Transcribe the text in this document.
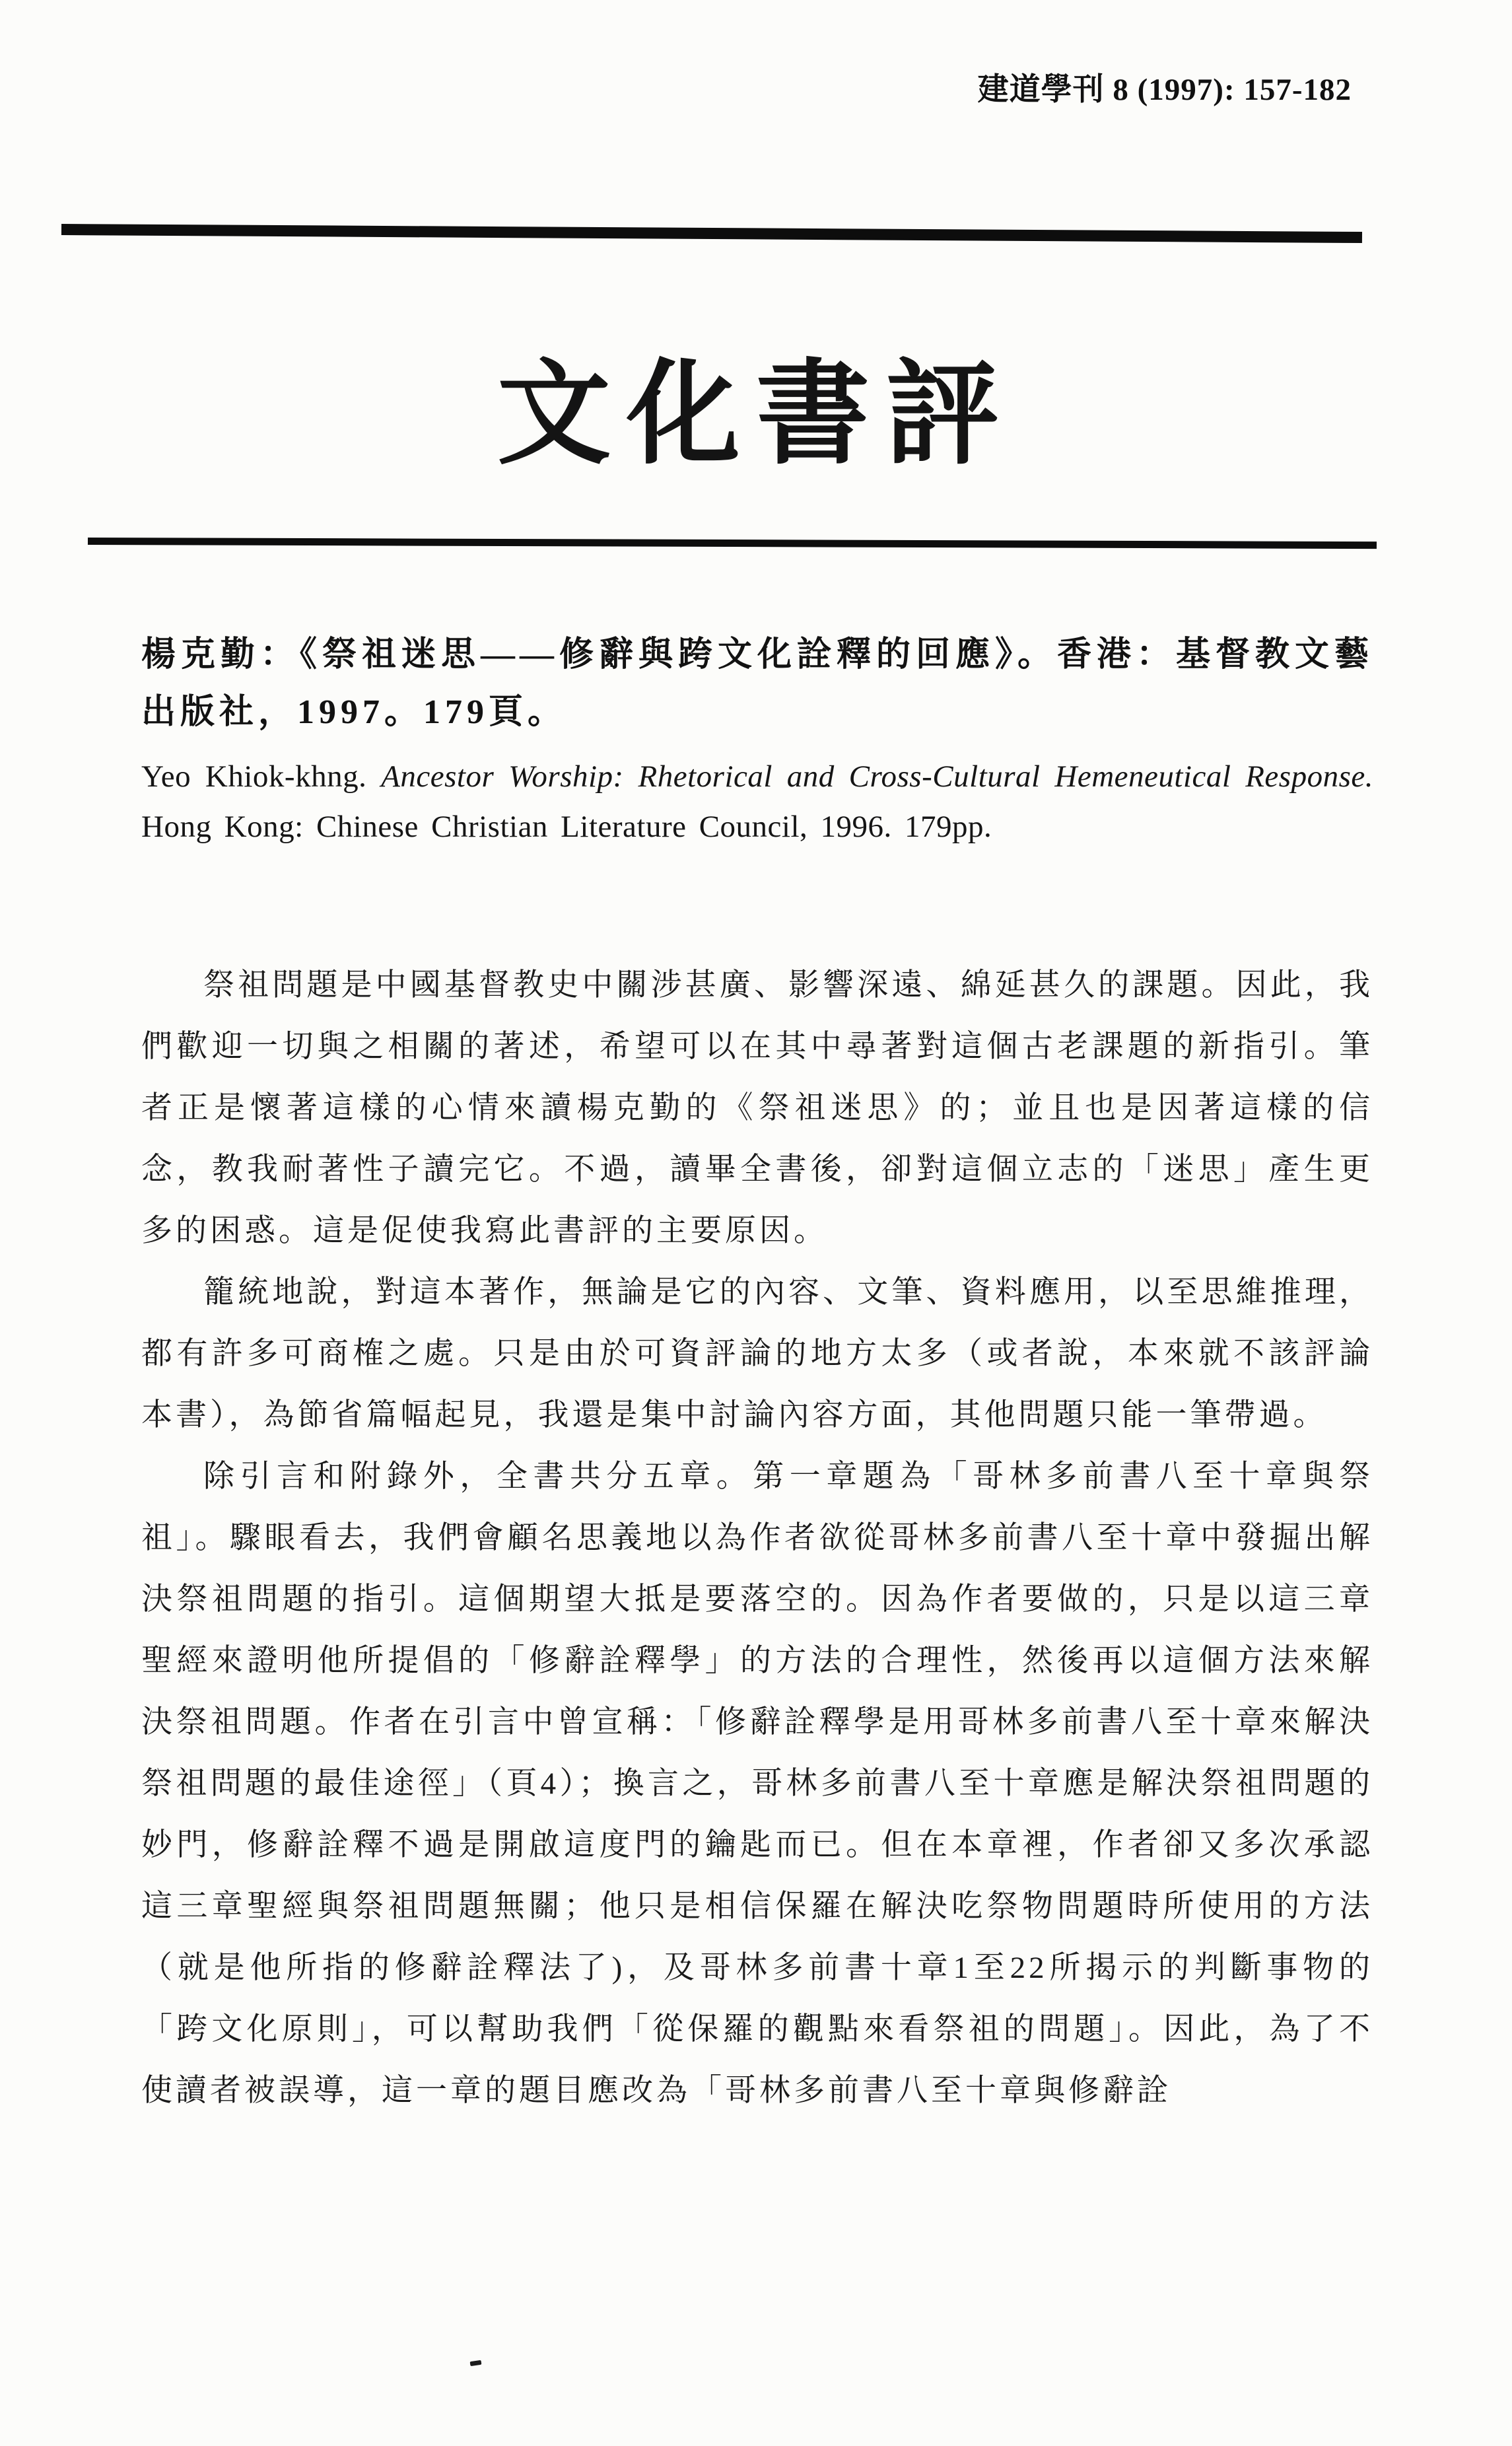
建道學刊 8 (1997): 157-182
文化書評

楊克勤：《祭祖迷思——修辭與跨文化詮釋的回應》。香港：基督教文藝出版社，1997。179頁。

Yeo Khiok-khng. Ancestor Worship: Rhetorical and Cross-Cultural Hemeneutical Response. Hong Kong: Chinese Christian Literature Council, 1996. 179pp.

祭祖問題是中國基督教史中關涉甚廣、影響深遠、綿延甚久的課題。因此，我們歡迎一切與之相關的著述，希望可以在其中尋著對這個古老課題的新指引。筆者正是懷著這樣的心情來讀楊克勤的《祭祖迷思》的；並且也是因著這樣的信念，教我耐著性子讀完它。不過，讀畢全書後，卻對這個立志的「迷思」產生更多的困惑。這是促使我寫此書評的主要原因。

籠統地說，對這本著作，無論是它的內容、文筆、資料應用，以至思維推理，都有許多可商榷之處。只是由於可資評論的地方太多（或者說，本來就不該評論本書），為節省篇幅起見，我還是集中討論內容方面，其他問題只能一筆帶過。

除引言和附錄外，全書共分五章。第一章題為「哥林多前書八至十章與祭祖」。驟眼看去，我們會顧名思義地以為作者欲從哥林多前書八至十章中發掘出解決祭祖問題的指引。這個期望大抵是要落空的。因為作者要做的，只是以這三章聖經來證明他所提倡的「修辭詮釋學」的方法的合理性，然後再以這個方法來解決祭祖問題。作者在引言中曾宣稱：「修辭詮釋學是用哥林多前書八至十章來解決祭祖問題的最佳途徑」（頁4）；換言之，哥林多前書八至十章應是解決祭祖問題的妙門，修辭詮釋不過是開啟這度門的鑰匙而已。但在本章裡，作者卻又多次承認這三章聖經與祭祖問題無關；他只是相信保羅在解決吃祭物問題時所使用的方法（就是他所指的修辭詮釋法了)，及哥林多前書十章1至22所揭示的判斷事物的「跨文化原則」，可以幫助我們「從保羅的觀點來看祭祖的問題」。因此，為了不使讀者被誤導，這一章的題目應改為「哥林多前書八至十章與修辭詮
